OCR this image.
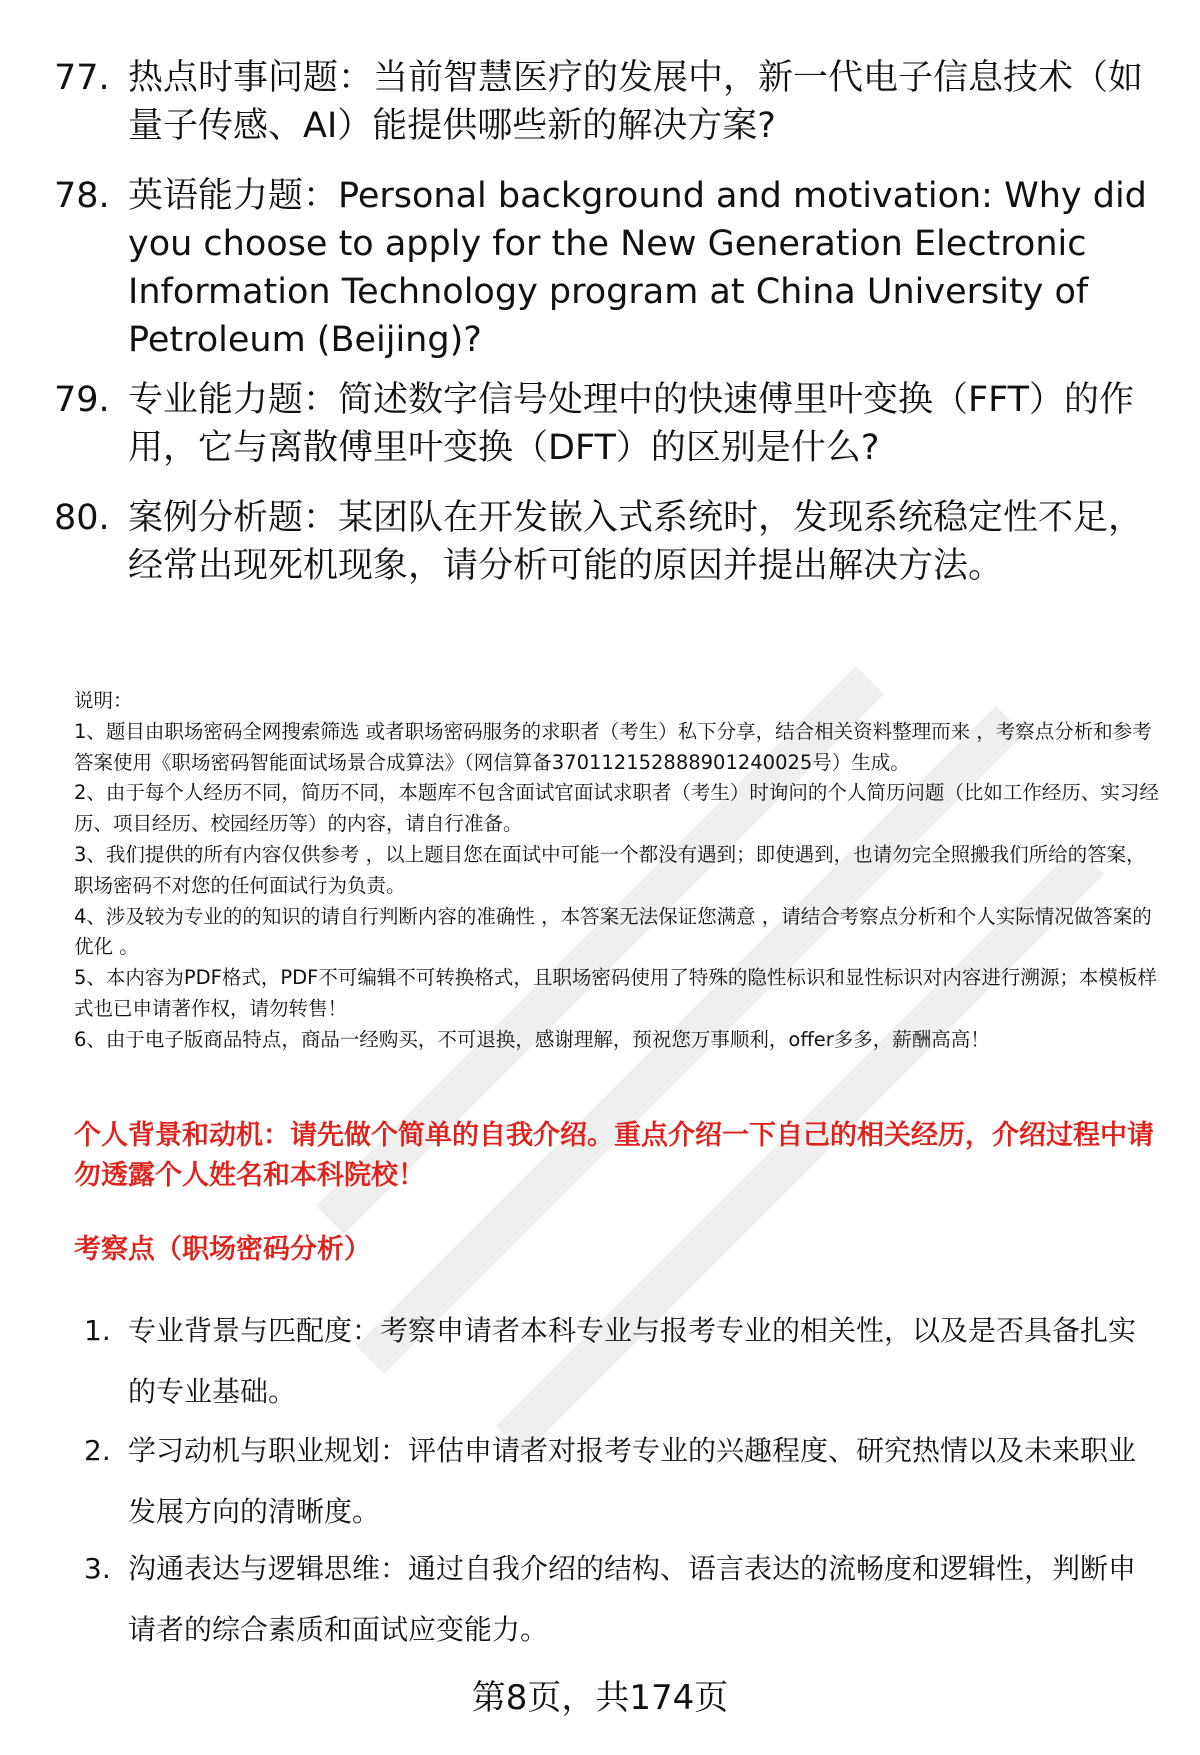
77. 热点时事问题：当前智慧医疗的发展中，新一代电子信息技术（如量子传感、AI）能提供哪些新的解决方案?
78. 英语能力题：Personal background and motivation: Why did you choose to apply for the New Generation Electronic Information Technology program at China University of Petroleum (Beijing)?
79. 专业能力题：简述数字信号处理中的快速傅里叶变换（FFT）的作用，它与离散傅里叶变换（DFT）的区别是什么?
80. 案例分析题：某团队在开发嵌入式系统时，发现系统稳定性不足，经常出现死机现象，请分析可能的原因并提出解决方法。
说明：
1、题目由职场密码全网搜索筛选 或者职场密码服务的求职者（考生）私下分享，结合相关资料整理而来 ，考察点分析和参考答案使用《职场密码智能面试场景合成算法》（网信算备370112152888901240025号）生成。
2、由于每个人经历不同，简历不同，本题库不包含面试官面试求职者（考生）时询问的个人简历问题（比如工作经历、实习经历、项目经历、校园经历等）的内容，请自行准备。
3、我们提供的所有内容仅供参考 ，以上题目您在面试中可能一个都没有遇到；即使遇到，也请勿完全照搬我们所给的答案，职场密码不对您的任何面试行为负责。
4、涉及较为专业的的知识的请自行判断内容的准确性 ，本答案无法保证您满意 ，请结合考察点分析和个人实际情况做答案的优化 。
5、本内容为PDF格式，PDF不可编辑不可转换格式，且职场密码使用了特殊的隐性标识和显性标识对内容进行溯源；本模板样式也已申请著作权，请勿转售！
6、由于电子版商品特点，商品一经购买，不可退换，感谢理解，预祝您万事顺利，offer多多，薪酬高高！
个人背景和动机：请先做个简单的自我介绍。重点介绍一下自己的相关经历，介绍过程中请勿透露个人姓名和本科院校！
考察点（职场密码分析）
1. 专业背景与匹配度：考察申请者本科专业与报考专业的相关性，以及是否具备扎实的专业基础。
2. 学习动机与职业规划：评估申请者对报考专业的兴趣程度、研究热情以及未来职业发展方向的清晰度。
3. 沟通表达与逻辑思维：通过自我介绍的结构、语言表达的流畅度和逻辑性，判断申请者的综合素质和面试应变能力。
第8页，共174页
